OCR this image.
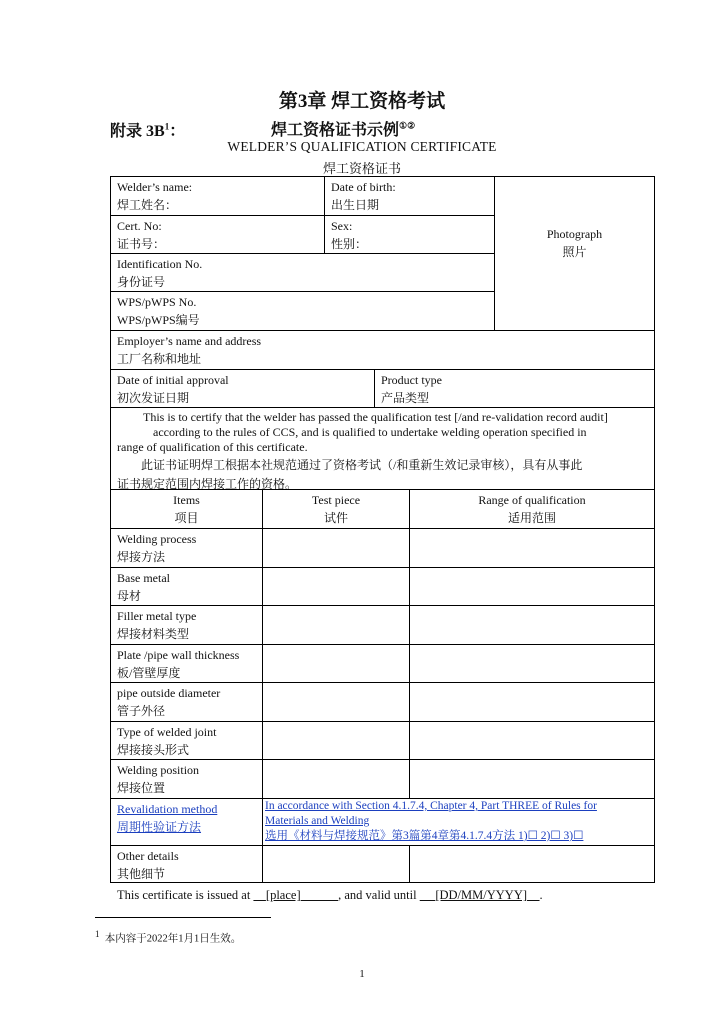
第3章 焊工资格考试
附录 $3B^1$：	焊工资格证书示例①②
WELDER’S QUALIFICATION CERTIFICATE
焊工资格证书
Welder’s name:
焊工姓名：
Date of birth:
出生日期
Photograph
照片
Cert. No:
证书号：
Sex:
性别：
Identification No.
身份证号
WPS/pWPS No.
WPS/pWPS编号
Employer’s name and address
工厂名称和地址
Date of initial approval
初次发证日期
Product type
产品类型
This is to certify that the welder has passed the qualification test [/and re-validation record audit]
according to the rules of CCS, and is qualified to undertake welding operation specified in
range of qualification of this certificate.
此证书证明焊工根据本社规范通过了资格考试（/和重新生效记录审核），具有从事此
证书规定范围内焊接工作的资格。
Items
项目
Test piece
试件
Range of qualification
适用范围
Welding process
焊接方法
Base metal
母材
Filler metal type
焊接材料类型
Plate /pipe wall thickness
板/管壁厚度
pipe outside diameter
管子外径
Type of welded joint
焊接接头形式
Welding position
焊接位置
Revalidation method
周期性验证方法
In accordance with Section 4.1.7.4, Chapter 4, Part THREE of Rules for
Materials and Welding
选用《材料与焊接规范》第3篇第4章第4.1.7.4方法 1)☐ 2)☐ 3)☐
Other details
其他细节
This certificate is issued at [place]	, and valid until [DD/MM/YYYY] .
1 本内容于2022年1月1日生效。
1
